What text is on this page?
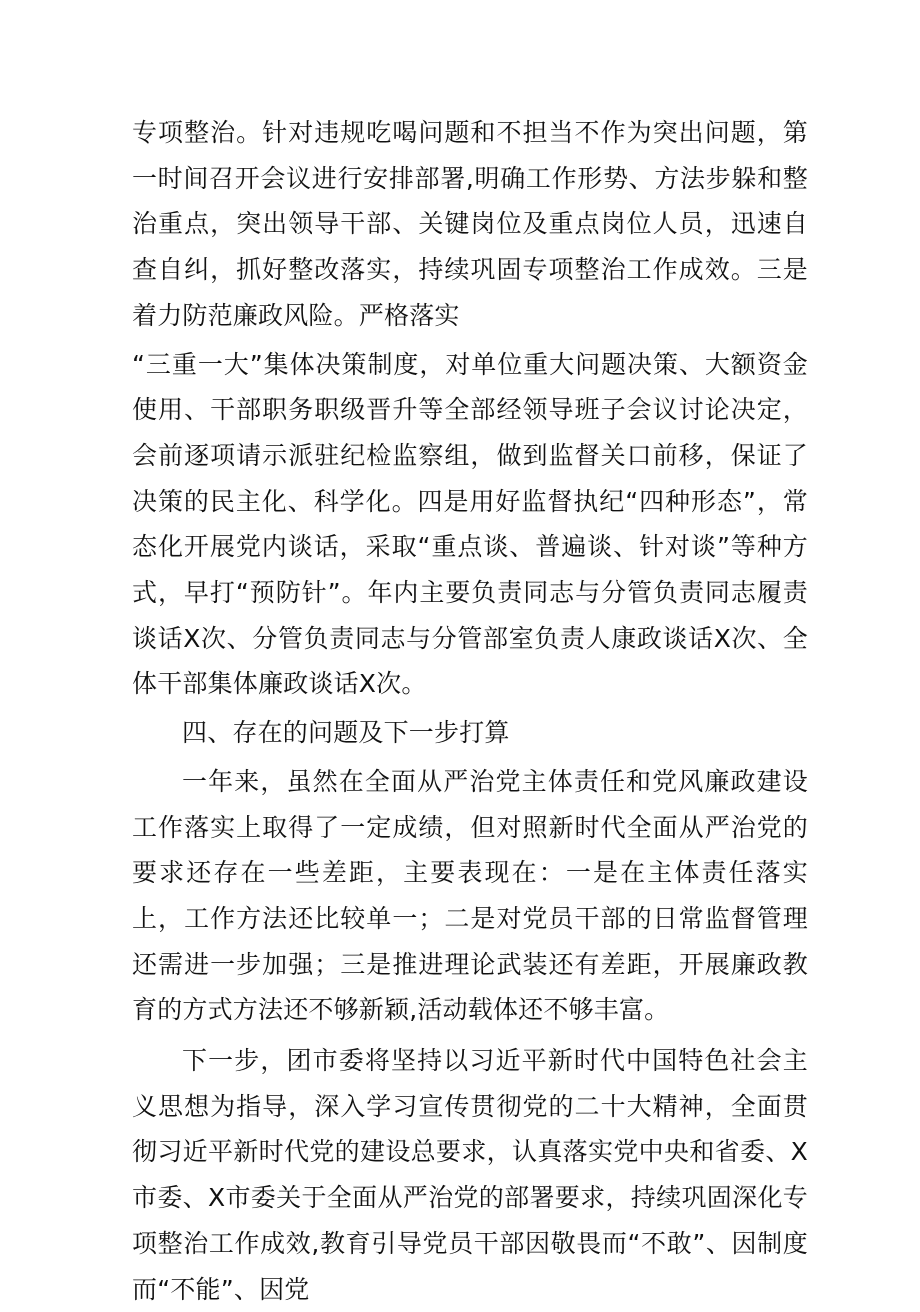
专项整治。针对违规吃喝问题和不担当不作为突出问题，第一时间召开会议进行安排部署,明确工作形势、方法步躲和整治重点，突出领导干部、关键岗位及重点岗位人员，迅速自查自纠，抓好整改落实，持续巩固专项整治工作成效。三是着力防范廉政风险。严格落实

“三重一大”集体决策制度，对单位重大问题决策、大额资金使用、干部职务职级晋升等全部经领导班子会议讨论决定，会前逐项请示派驻纪检监察组，做到监督关口前移，保证了决策的民主化、科学化。四是用好监督执纪“四种形态”，常态化开展党内谈话，采取“重点谈、普遍谈、针对谈”等种方式，早打“预防针”。年内主要负责同志与分管负责同志履责谈话X次、分管负责同志与分管部室负责人康政谈话X次、全体干部集体廉政谈话X次。

四、存在的问题及下一步打算

一年来，虽然在全面从严治党主体责任和党风廉政建设工作落实上取得了一定成绩，但对照新时代全面从严治党的要求还存在一些差距，主要表现在：一是在主体责任落实上，工作方法还比较单一；二是对党员干部的日常监督管理还需进一步加强；三是推进理论武装还有差距，开展廉政教育的方式方法还不够新颖,活动载体还不够丰富。

下一步，团市委将坚持以习近平新时代中国特色社会主义思想为指导，深入学习宣传贯彻党的二十大精神，全面贯彻习近平新时代党的建设总要求，认真落实党中央和省委、X市委、X市委关于全面从严治党的部署要求，持续巩固深化专项整治工作成效,教育引导党员干部因敬畏而“不敢”、因制度而“不能”、因党
